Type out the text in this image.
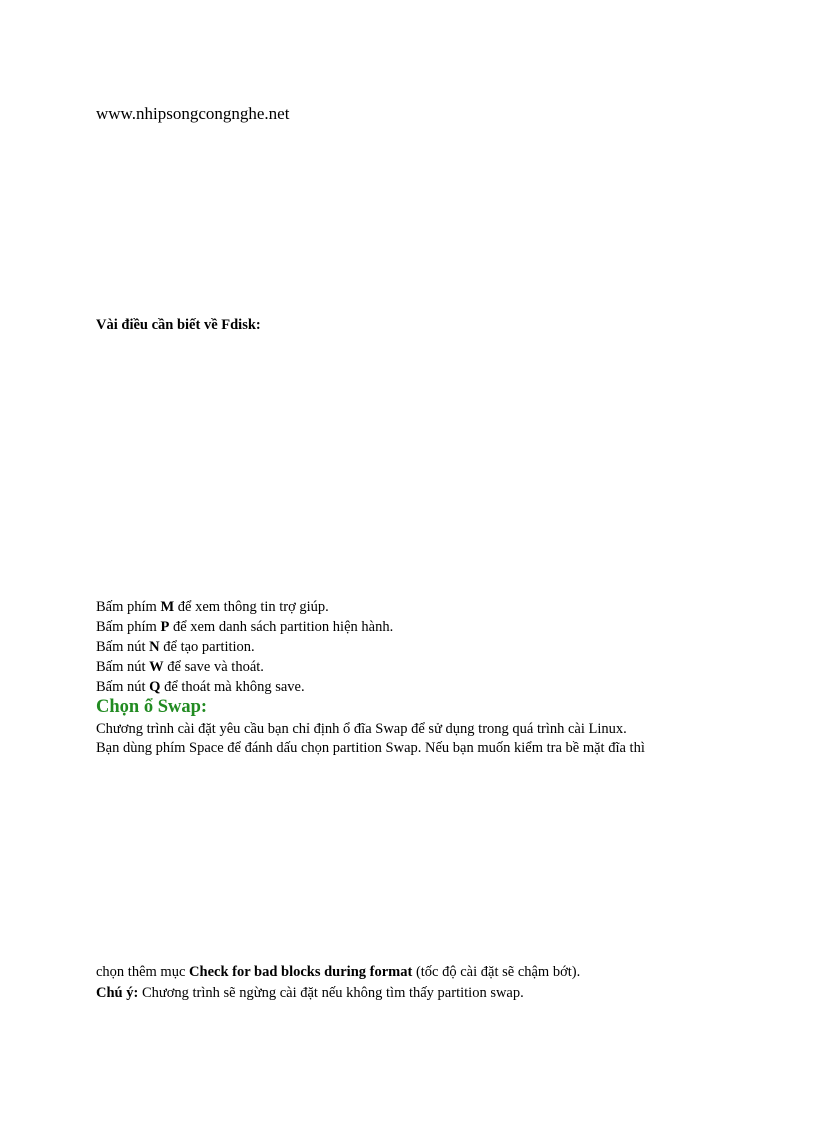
www.nhipsongcongnghe.net
Vài điều cần biết về Fdisk:
Bấm phím M để xem thông tin trợ giúp.
Bấm phím P để xem danh sách partition hiện hành.
Bấm nút N để tạo partition.
Bấm nút W để save và thoát.
Bấm nút Q để thoát mà không save.
Chọn ổ Swap:
Chương trình cài đặt yêu cầu bạn chỉ định ổ đĩa Swap để sử dụng trong quá trình cài Linux.
Bạn dùng phím Space để đánh dấu chọn partition Swap. Nếu bạn muốn kiểm tra bề mặt đĩa thì
chọn thêm mục Check for bad blocks during format (tốc độ cài đặt sẽ chậm bớt).
Chú ý: Chương trình sẽ ngừng cài đặt nếu không tìm thấy partition swap.
